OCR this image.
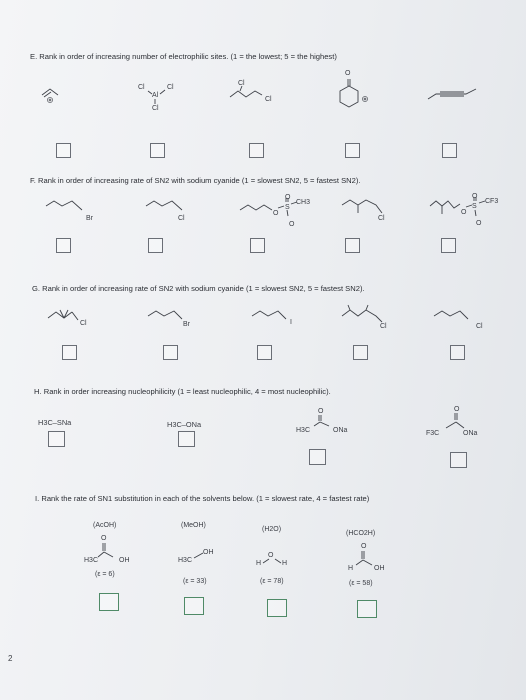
E. Rank in order of increasing number of electrophilic sites. (1 = the lowest; 5 = the highest)
Cl
Al
Cl
Cl
Cl
Cl
O
F. Rank in order of increasing rate of SN2 with sodium cyanide (1 = slowest SN2, 5 = fastest SN2).
Br	Cl
O
S
CH3
O
O
Cl
O
S
CF3
O
O
G. Rank in order of increasing rate of SN2 with sodium cyanide (1 = slowest SN2, 5 = fastest SN2).
Cl	Br	I
Cl	Cl
H. Rank in order increasing nucleophilicity (1 = least nucleophilic, 4 = most nucleophilic).
H3C–SNa	H3C–ONa
O
H3C	ONa
O
F3C	ONa
I. Rank the rate of SN1 substitution in each of the solvents below. (1 = slowest rate, 4 = fastest rate)
(AcOH)
O
H3C	OH
(ε = 6)
(MeOH)
H3C
OH
(ε = 33)
(H2O)
O
H	H
(ε = 78)
(HCO2H)
O
H	OH
(ε = 58)
2
